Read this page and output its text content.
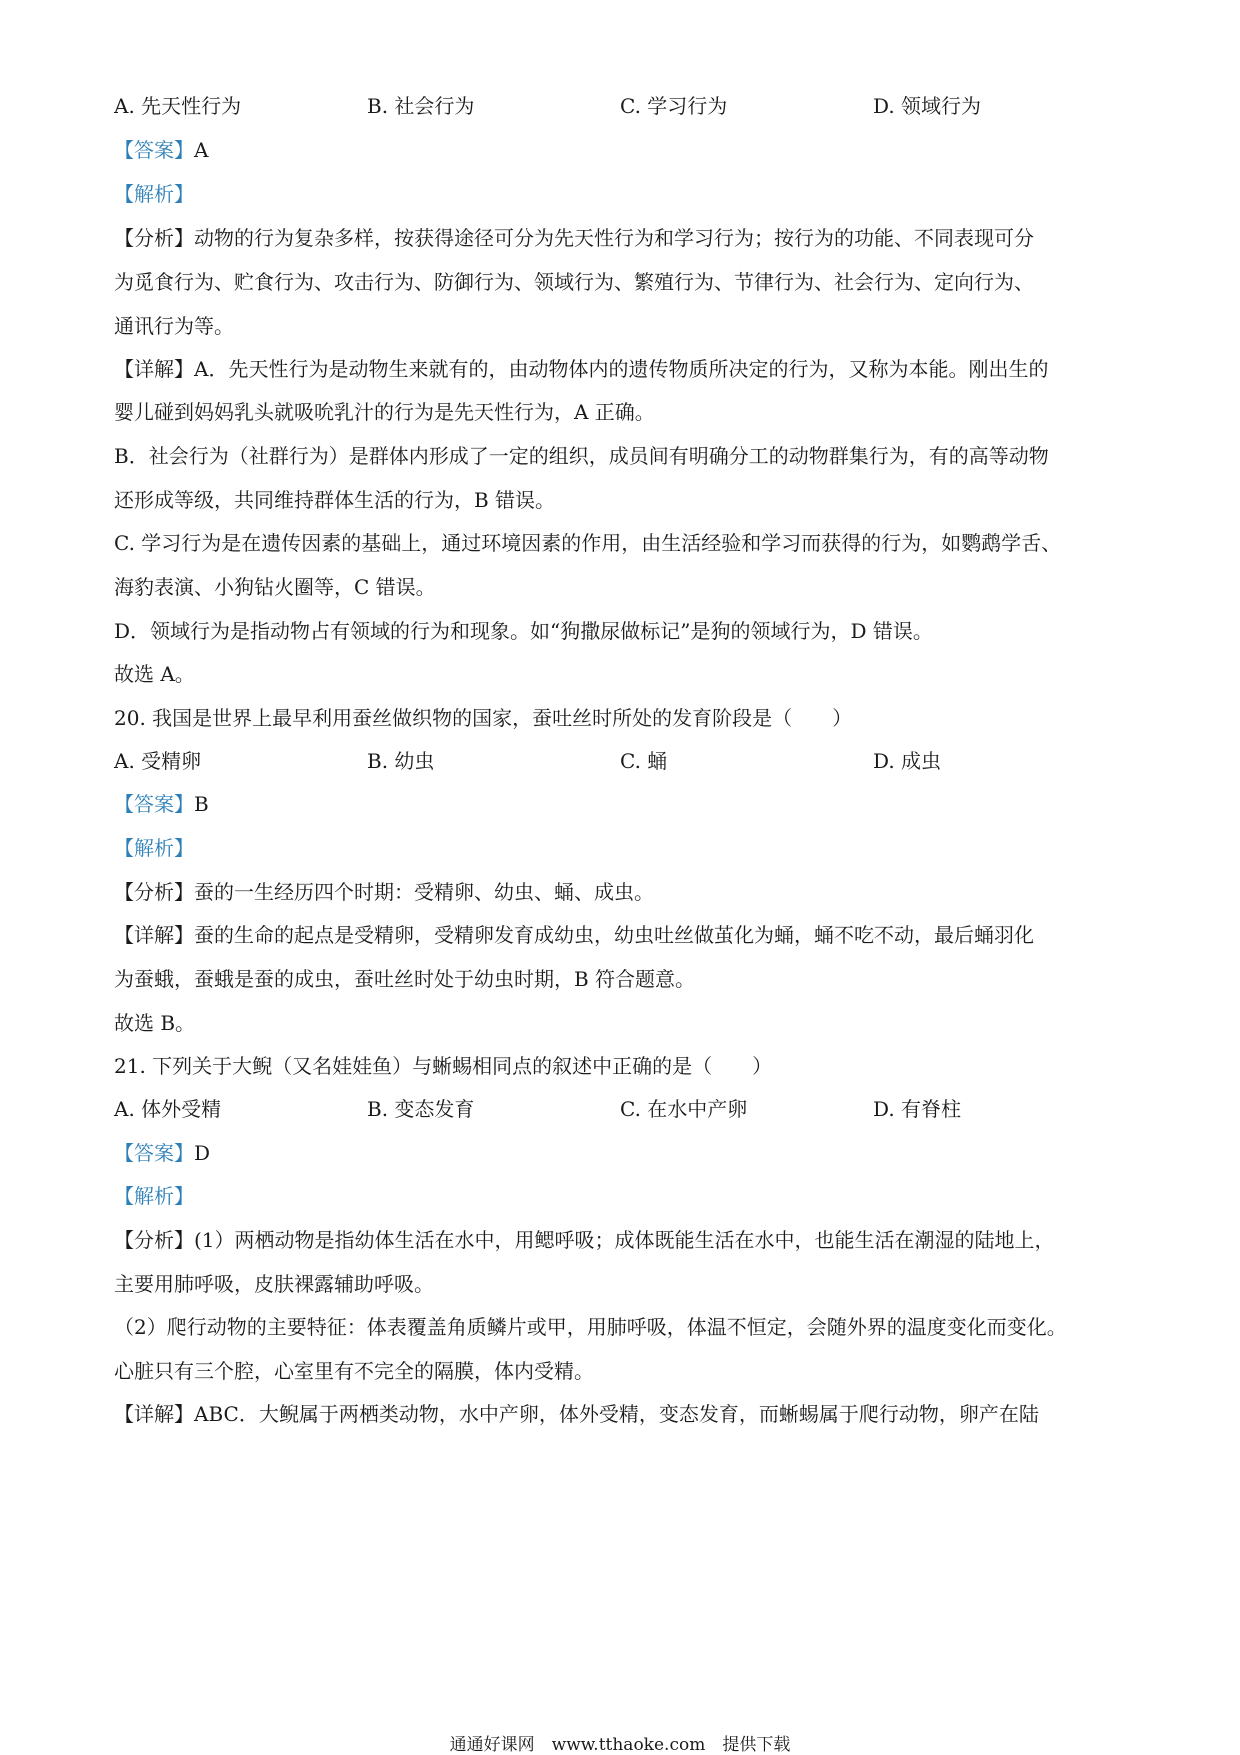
A. 先天性行为	B. 社会行为	C. 学习行为	D. 领域行为
【答案】A
【解析】
【分析】动物的行为复杂多样，按获得途径可分为先天性行为和学习行为；按行为的功能、不同表现可分
为觅食行为、贮食行为、攻击行为、防御行为、领域行为、繁殖行为、节律行为、社会行为、定向行为、
通讯行为等。
【详解】A．先天性行为是动物生来就有的，由动物体内的遗传物质所决定的行为，又称为本能。刚出生的
婴儿碰到妈妈乳头就吸吮乳汁的行为是先天性行为，A 正确。
B．社会行为（社群行为）是群体内形成了一定的组织，成员间有明确分工的动物群集行为，有的高等动物
还形成等级，共同维持群体生活的行为，B 错误。
C. 学习行为是在遗传因素的基础上，通过环境因素的作用，由生活经验和学习而获得的行为，如鹦鹉学舌、
海豹表演、小狗钻火圈等，C 错误。
D．领域行为是指动物占有领域的行为和现象。如“狗撒尿做标记”是狗的领域行为，D 错误。
故选 A。
20. 我国是世界上最早利用蚕丝做织物的国家，蚕吐丝时所处的发育阶段是（　　）
A. 受精卵	B. 幼虫	C. 蛹	D. 成虫
【答案】B
【解析】
【分析】蚕的一生经历四个时期：受精卵、幼虫、蛹、成虫。
【详解】蚕的生命的起点是受精卵，受精卵发育成幼虫，幼虫吐丝做茧化为蛹，蛹不吃不动，最后蛹羽化
为蚕蛾，蚕蛾是蚕的成虫，蚕吐丝时处于幼虫时期，B 符合题意。
故选 B。
21. 下列关于大鲵（又名娃娃鱼）与蜥蜴相同点的叙述中正确的是（　　）
A. 体外受精	B. 变态发育	C. 在水中产卵	D. 有脊柱
【答案】D
【解析】
【分析】(1）两栖动物是指幼体生活在水中，用鳃呼吸；成体既能生活在水中，也能生活在潮湿的陆地上，
主要用肺呼吸，皮肤裸露辅助呼吸。
（2）爬行动物的主要特征：体表覆盖角质鳞片或甲，用肺呼吸，体温不恒定，会随外界的温度变化而变化。
心脏只有三个腔，心室里有不完全的隔膜，体内受精。
【详解】ABC．大鲵属于两栖类动物，水中产卵，体外受精，变态发育，而蜥蜴属于爬行动物，卵产在陆
通通好课网　www.tthaoke.com　提供下载
